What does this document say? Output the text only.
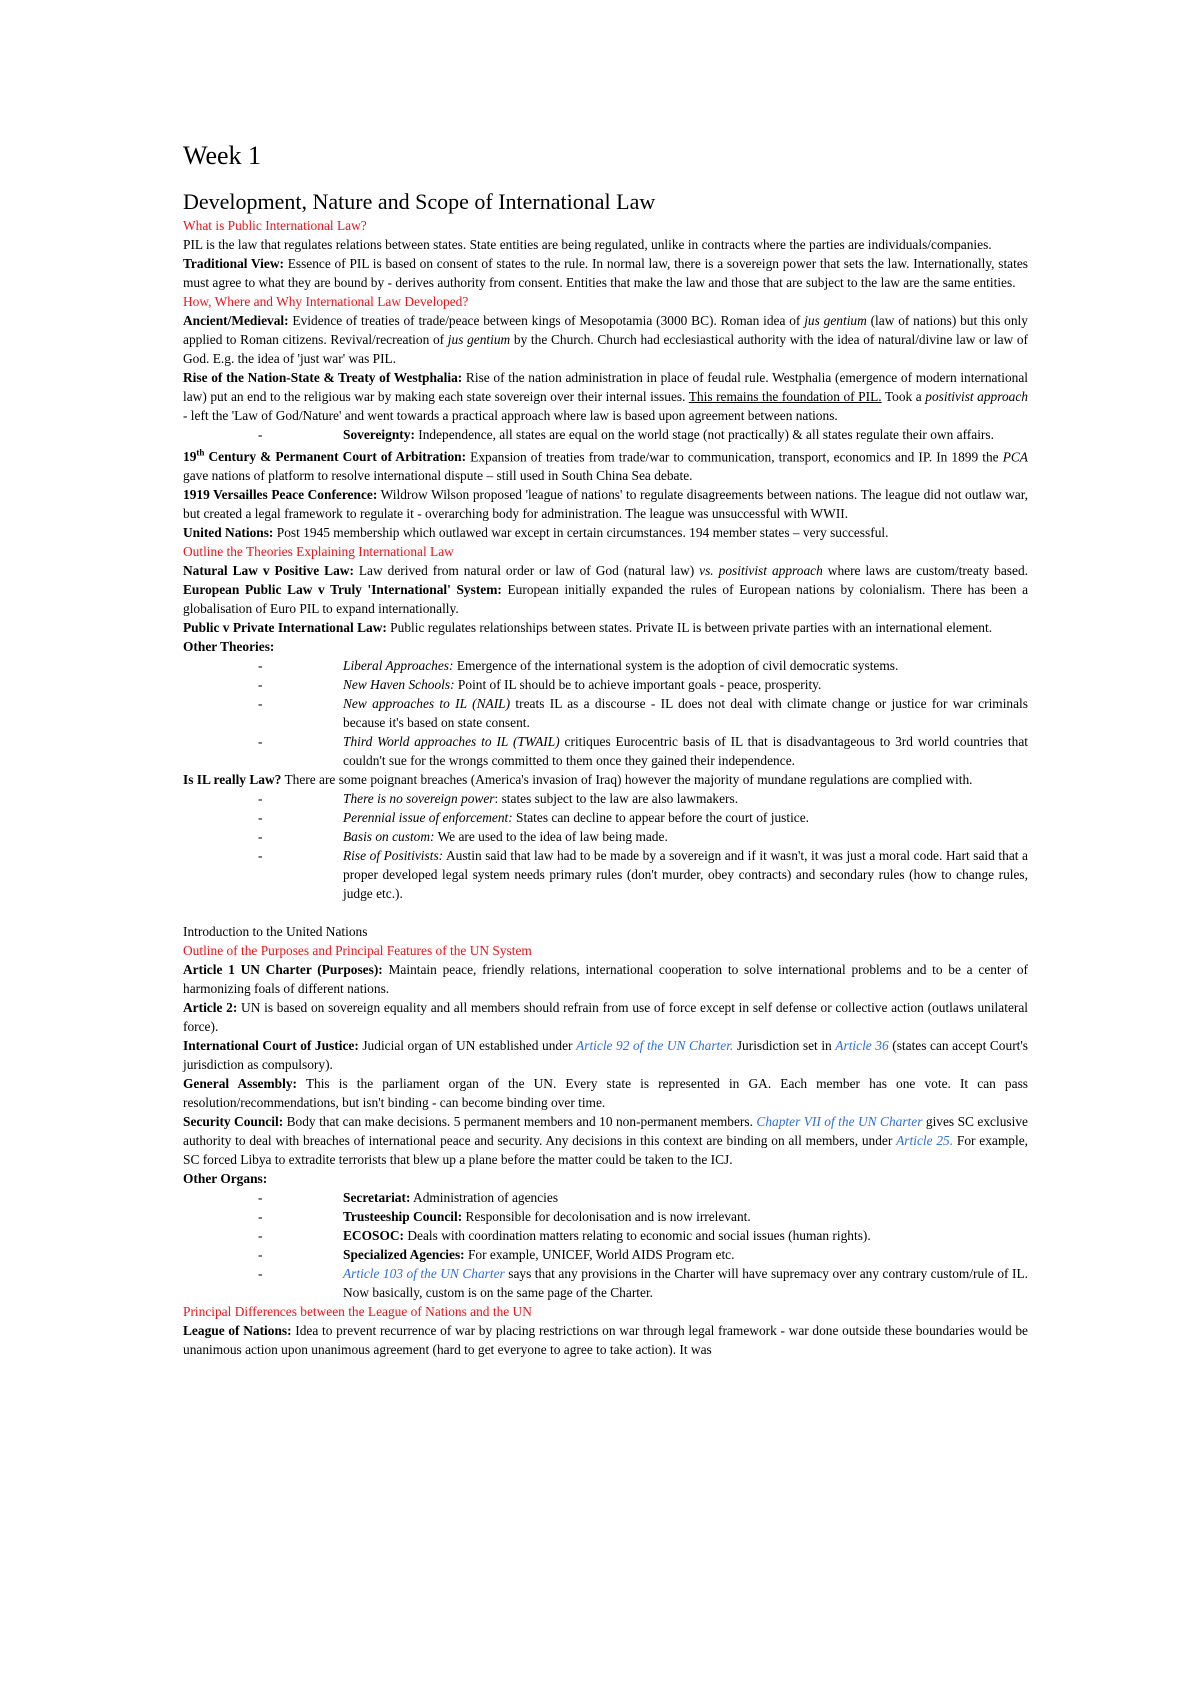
Week 1
Development, Nature and Scope of International Law
What is Public International Law?

PIL is the law that regulates relations between states. State entities are being regulated, unlike in contracts where the parties are individuals/companies.

Traditional View: Essence of PIL is based on consent of states to the rule. In normal law, there is a sovereign power that sets the law. Internationally, states must agree to what they are bound by - derives authority from consent. Entities that make the law and those that are subject to the law are the same entities.

How, Where and Why International Law Developed?

Ancient/Medieval: Evidence of treaties of trade/peace between kings of Mesopotamia (3000 BC). Roman idea of jus gentium (law of nations) but this only applied to Roman citizens. Revival/recreation of jus gentium by the Church. Church had ecclesiastical authority with the idea of natural/divine law or law of God. E.g. the idea of 'just war' was PIL.

Rise of the Nation-State & Treaty of Westphalia: Rise of the nation administration in place of feudal rule. Westphalia (emergence of modern international law) put an end to the religious war by making each state sovereign over their internal issues. This remains the foundation of PIL. Took a positivist approach - left the 'Law of God/Nature' and went towards a practical approach where law is based upon agreement between nations.

- Sovereignty: Independence, all states are equal on the world stage (not practically) & all states regulate their own affairs.

19th Century & Permanent Court of Arbitration: Expansion of treaties from trade/war to communication, transport, economics and IP. In 1899 the PCA gave nations of platform to resolve international dispute – still used in South China Sea debate.

1919 Versailles Peace Conference: Wildrow Wilson proposed 'league of nations' to regulate disagreements between nations. The league did not outlaw war, but created a legal framework to regulate it - overarching body for administration. The league was unsuccessful with WWII.

United Nations: Post 1945 membership which outlawed war except in certain circumstances. 194 member states – very successful.

Outline the Theories Explaining International Law

Natural Law v Positive Law: Law derived from natural order or law of God (natural law) vs. positivist approach where laws are custom/treaty based. European Public Law v Truly 'International' System: European initially expanded the rules of European nations by colonialism. There has been a globalisation of Euro PIL to expand internationally.

Public v Private International Law: Public regulates relationships between states. Private IL is between private parties with an international element.

Other Theories:

- Liberal Approaches: Emergence of the international system is the adoption of civil democratic systems.
- New Haven Schools: Point of IL should be to achieve important goals - peace, prosperity.
- New approaches to IL (NAIL) treats IL as a discourse - IL does not deal with climate change or justice for war criminals because it's based on state consent.
- Third World approaches to IL (TWAIL) critiques Eurocentric basis of IL that is disadvantageous to 3rd world countries that couldn't sue for the wrongs committed to them once they gained their independence.

Is IL really Law? There are some poignant breaches (America's invasion of Iraq) however the majority of mundane regulations are complied with.

- There is no sovereign power: states subject to the law are also lawmakers.
- Perennial issue of enforcement: States can decline to appear before the court of justice.
- Basis on custom: We are used to the idea of law being made.
- Rise of Positivists: Austin said that law had to be made by a sovereign and if it wasn't, it was just a moral code. Hart said that a proper developed legal system needs primary rules (don't murder, obey contracts) and secondary rules (how to change rules, judge etc.).
Introduction to the United Nations
Outline of the Purposes and Principal Features of the UN System

Article 1 UN Charter (Purposes): Maintain peace, friendly relations, international cooperation to solve international problems and to be a center of harmonizing foals of different nations.

Article 2: UN is based on sovereign equality and all members should refrain from use of force except in self defense or collective action (outlaws unilateral force).

International Court of Justice: Judicial organ of UN established under Article 92 of the UN Charter. Jurisdiction set in Article 36 (states can accept Court's jurisdiction as compulsory).

General Assembly: This is the parliament organ of the UN. Every state is represented in GA. Each member has one vote. It can pass resolution/recommendations, but isn't binding - can become binding over time.

Security Council: Body that can make decisions. 5 permanent members and 10 non-permanent members. Chapter VII of the UN Charter gives SC exclusive authority to deal with breaches of international peace and security. Any decisions in this context are binding on all members, under Article 25. For example, SC forced Libya to extradite terrorists that blew up a plane before the matter could be taken to the ICJ.

Other Organs:

- Secretariat: Administration of agencies
- Trusteeship Council: Responsible for decolonisation and is now irrelevant.
- ECOSOC: Deals with coordination matters relating to economic and social issues (human rights).
- Specialized Agencies: For example, UNICEF, World AIDS Program etc.
- Article 103 of the UN Charter says that any provisions in the Charter will have supremacy over any contrary custom/rule of IL. Now basically, custom is on the same page of the Charter.
Principal Differences between the League of Nations and the UN

League of Nations: Idea to prevent recurrence of war by placing restrictions on war through legal framework - war done outside these boundaries would be unanimous action upon unanimous agreement (hard to get everyone to agree to take action). It was
